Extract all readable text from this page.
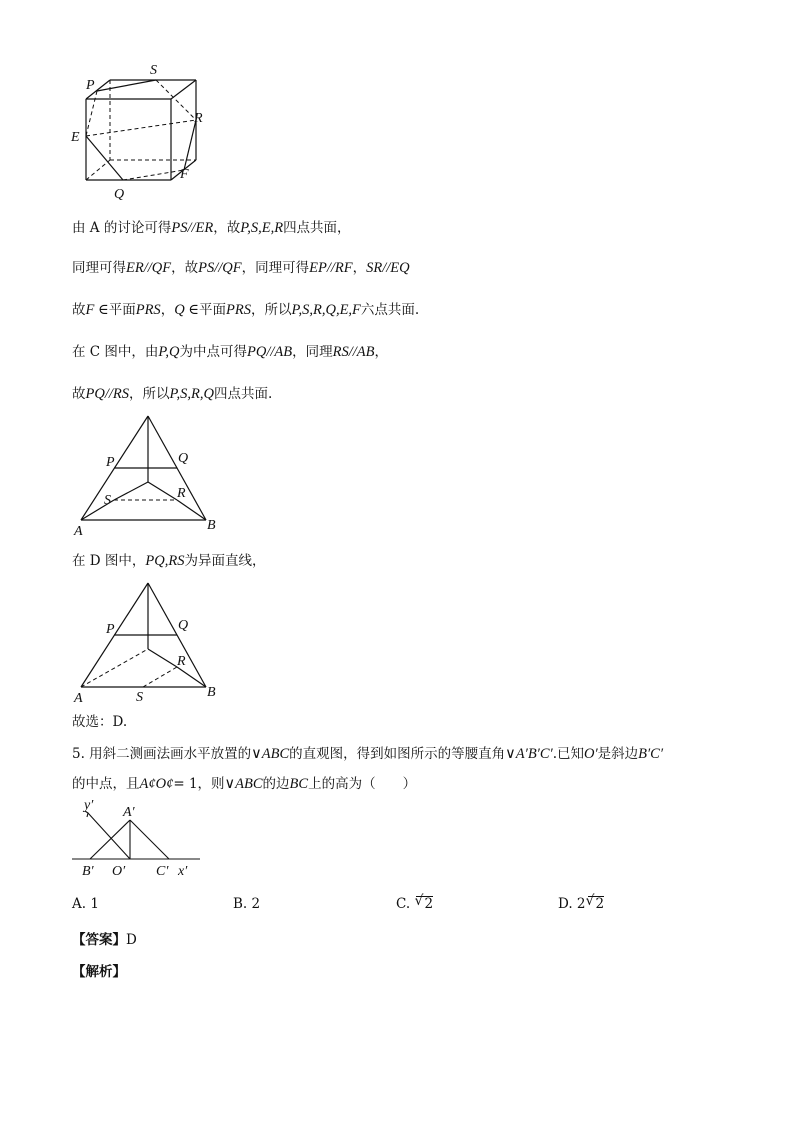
P
S
R
E
F
Q
由 A 的讨论可得PS//ER，故P,S,E,R四点共面，
同理可得ER//QF，故PS//QF，同理可得EP//RF，SR//EQ
故F ∈平面PRS，Q ∈平面PRS，所以P,S,R,Q,E,F六点共面.
在 C 图中，由P,Q为中点可得PQ//AB，同理RS//AB，
故PQ//RS，所以P,S,R,Q四点共面.
P	Q
S	R
A	B
在 D 图中，PQ,RS为异面直线，
P	Q
R
A	S	B
故选：D.
5. 用斜二测画法画水平放置的∨ABC的直观图，得到如图所示的等腰直角∨A′B′C′.已知O′是斜边B′C′
的中点，且A¢O¢= 1，则∨ABC的边BC上的高为（　　）
y′ A′
B′ O′ C′ x′
A. 1	B. 2	C. √ 2	D. 2 √ 2
【答案】D
【解析】
